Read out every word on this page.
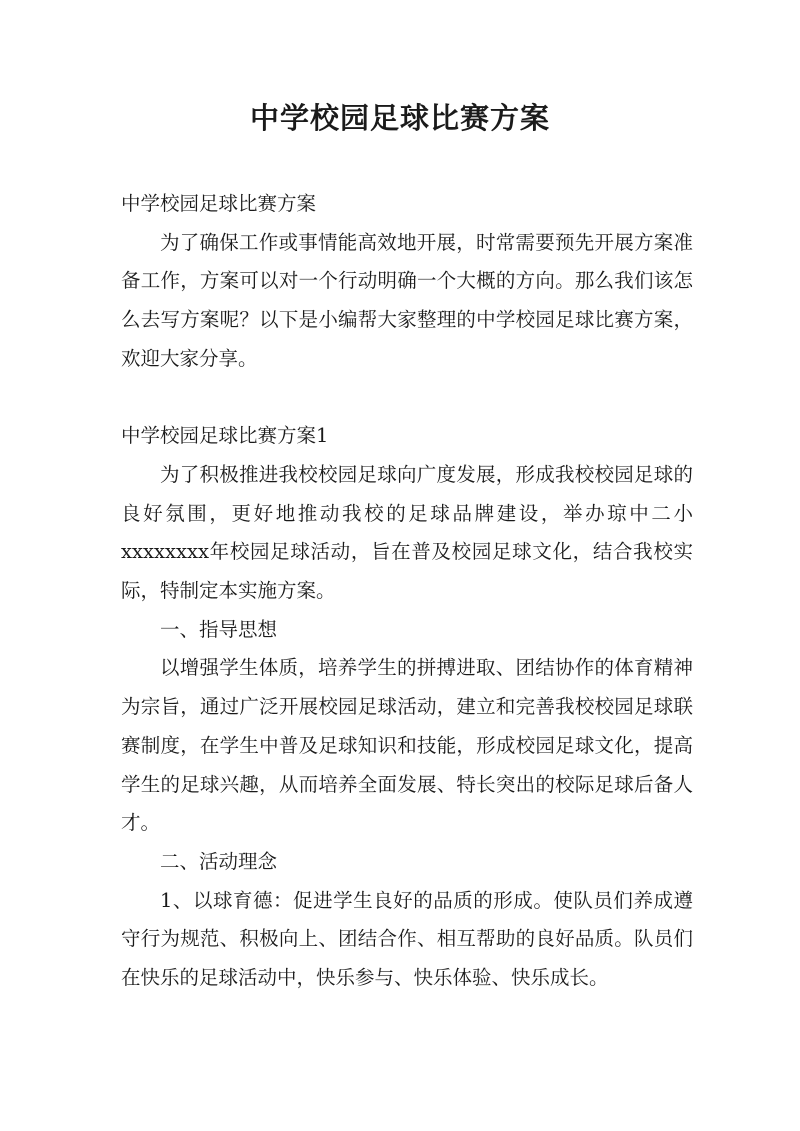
中学校园足球比赛方案

中学校园足球比赛方案

为了确保工作或事情能高效地开展，时常需要预先开展方案准备工作，方案可以对一个行动明确一个大概的方向。那么我们该怎么去写方案呢？以下是小编帮大家整理的中学校园足球比赛方案，欢迎大家分享。

中学校园足球比赛方案1

为了积极推进我校校园足球向广度发展，形成我校校园足球的良好氛围，更好地推动我校的足球品牌建设，举办琼中二小xxxxxxxx年校园足球活动，旨在普及校园足球文化，结合我校实际，特制定本实施方案。

一、指导思想

以增强学生体质，培养学生的拼搏进取、团结协作的体育精神为宗旨，通过广泛开展校园足球活动，建立和完善我校校园足球联赛制度，在学生中普及足球知识和技能，形成校园足球文化，提高学生的足球兴趣，从而培养全面发展、特长突出的校际足球后备人才。

二、活动理念

1、以球育德：促进学生良好的品质的形成。使队员们养成遵守行为规范、积极向上、团结合作、相互帮助的良好品质。队员们在快乐的足球活动中，快乐参与、快乐体验、快乐成长。
